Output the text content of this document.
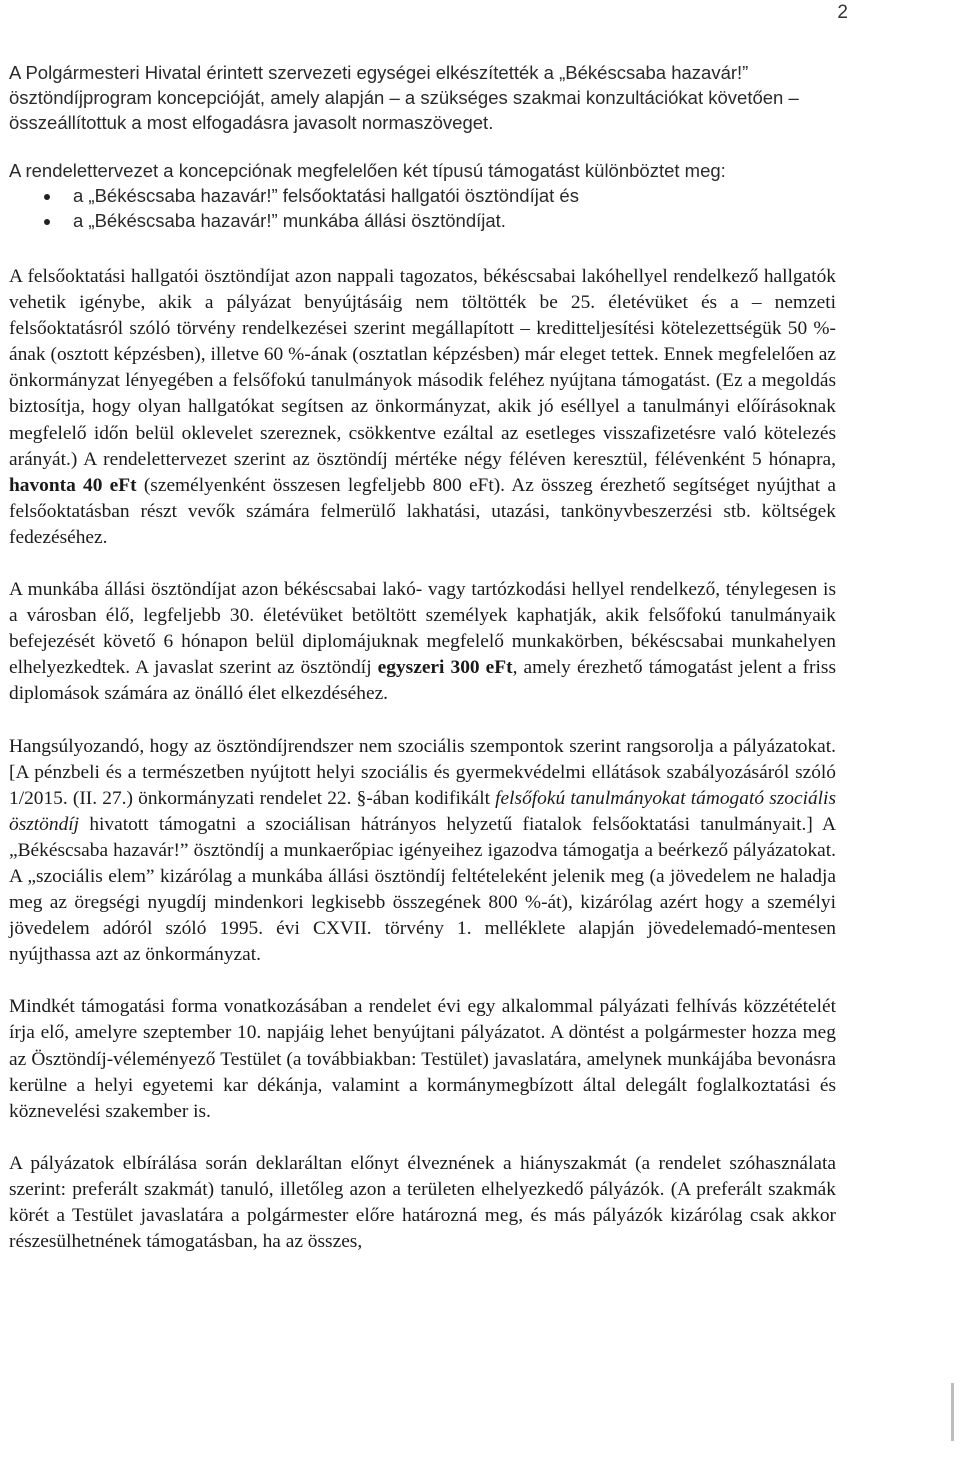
2

A Polgármesteri Hivatal érintett szervezeti egységei elkészítették a „Békéscsaba hazavár!” ösztöndíjprogram koncepcióját, amely alapján – a szükséges szakmai konzultációkat követően – összeállítottuk a most elfogadásra javasolt normaszöveget.

A rendelettervezet a koncepciónak megfelelően két típusú támogatást különböztet meg:

a „Békéscsaba hazavár!” felsőoktatási hallgatói ösztöndíjat és
a „Békéscsaba hazavár!” munkába állási ösztöndíjat.

A felsőoktatási hallgatói ösztöndíjat azon nappali tagozatos, békéscsabai lakóhellyel rendelkező hallgatók vehetik igénybe, akik a pályázat benyújtásáig nem töltötték be 25. életévüket és a – nemzeti felsőoktatásról szóló törvény rendelkezései szerint megállapított – kreditteljesítési kötelezettségük 50 %-ának (osztott képzésben), illetve 60 %-ának (osztatlan képzésben) már eleget tettek. Ennek megfelelően az önkormányzat lényegében a felsőfokú tanulmányok második feléhez nyújtana támogatást. (Ez a megoldás biztosítja, hogy olyan hallgatókat segítsen az önkormányzat, akik jó eséllyel a tanulmányi előírásoknak megfelelő időn belül oklevelet szereznek, csökkentve ezáltal az esetleges visszafizetésre való kötelezés arányát.) A rendelettervezet szerint az ösztöndíj mértéke négy féléven keresztül, félévenként 5 hónapra, havonta 40 eFt (személyenként összesen legfeljebb 800 eFt). Az összeg érezhető segítséget nyújthat a felsőoktatásban részt vevők számára felmerülő lakhatási, utazási, tankönyvbeszerzési stb. költségek fedezéséhez.

A munkába állási ösztöndíjat azon békéscsabai lakó- vagy tartózkodási hellyel rendelkező, ténylegesen is a városban élő, legfeljebb 30. életévüket betöltött személyek kaphatják, akik felsőfokú tanulmányaik befejezését követő 6 hónapon belül diplomájuknak megfelelő munkakörben, békéscsabai munkahelyen elhelyezkedtek. A javaslat szerint az ösztöndíj egyszeri 300 eFt, amely érezhető támogatást jelent a friss diplomások számára az önálló élet elkezdéséhez.

Hangsúlyozandó, hogy az ösztöndíjrendszer nem szociális szempontok szerint rangsorolja a pályázatokat. [A pénzbeli és a természetben nyújtott helyi szociális és gyermekvédelmi ellátások szabályozásáról szóló 1/2015. (II. 27.) önkormányzati rendelet 22. §-ában kodifikált felsőfokú tanulmányokat támogató szociális ösztöndíj hivatott támogatni a szociálisan hátrányos helyzetű fiatalok felsőoktatási tanulmányait.] A „Békéscsaba hazavár!” ösztöndíj a munkaerőpiac igényeihez igazodva támogatja a beérkező pályázatokat. A „szociális elem” kizárólag a munkába állási ösztöndíj feltételeként jelenik meg (a jövedelem ne haladja meg az öregségi nyugdíj mindenkori legkisebb összegének 800 %-át), kizárólag azért hogy a személyi jövedelem adóról szóló 1995. évi CXVII. törvény 1. melléklete alapján jövedelemadó-mentesen nyújthassa azt az önkormányzat.

Mindkét támogatási forma vonatkozásában a rendelet évi egy alkalommal pályázati felhívás közzétételét írja elő, amelyre szeptember 10. napjáig lehet benyújtani pályázatot. A döntést a polgármester hozza meg az Ösztöndíj-véleményező Testület (a továbbiakban: Testület) javaslatára, amelynek munkájába bevonásra kerülne a helyi egyetemi kar dékánja, valamint a kormánymegbízott által delegált foglalkoztatási és köznevelési szakember is.

A pályázatok elbírálása során deklaráltan előnyt élveznének a hiányszakmát (a rendelet szóhasználata szerint: preferált szakmát) tanuló, illetőleg azon a területen elhelyezkedő pályázók. (A preferált szakmák körét a Testület javaslatára a polgármester előre határozná meg, és más pályázók kizárólag csak akkor részesülhetnének támogatásban, ha az összes,
